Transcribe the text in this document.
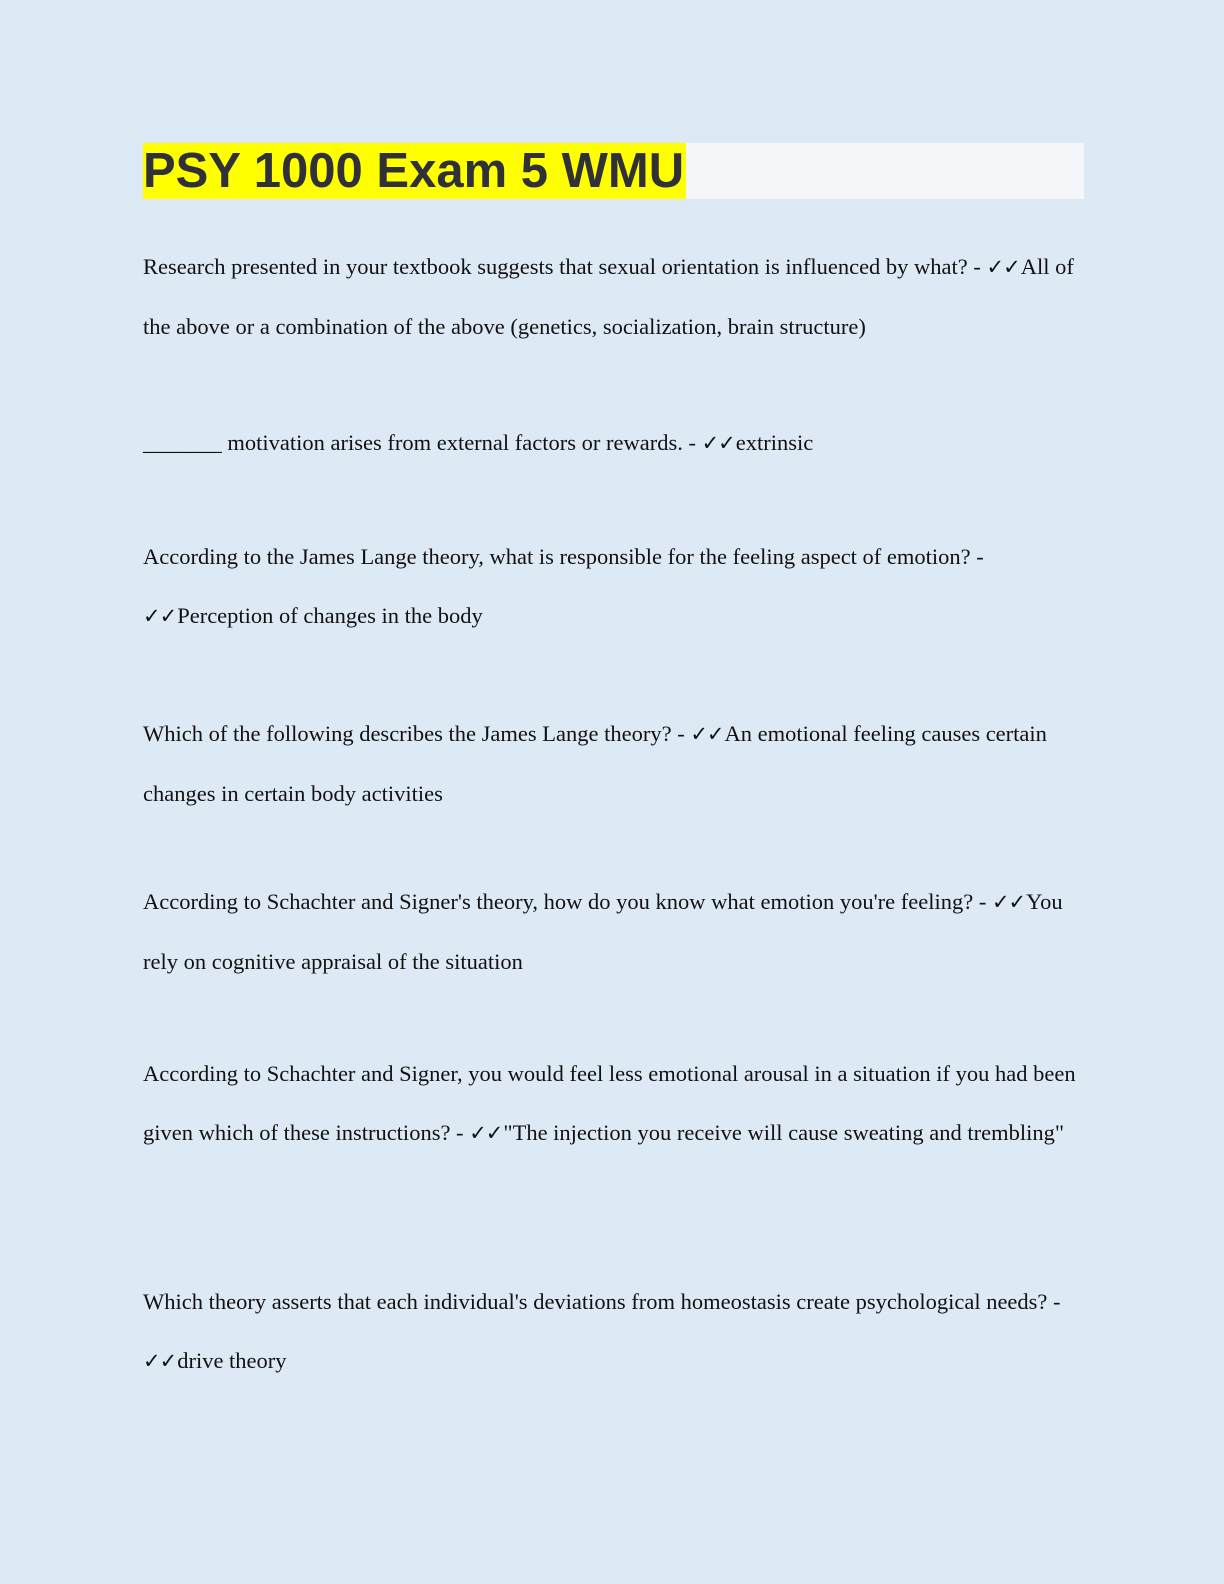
PSY 1000 Exam 5 WMU

Research presented in your textbook suggests that sexual orientation is influenced by what? - ✓✓All of the above or a combination of the above (genetics, socialization, brain structure)

_______ motivation arises from external factors or rewards. - ✓✓extrinsic

According to the James Lange theory, what is responsible for the feeling aspect of emotion? - ✓✓Perception of changes in the body

Which of the following describes the James Lange theory? - ✓✓An emotional feeling causes certain changes in certain body activities

According to Schachter and Signer's theory, how do you know what emotion you're feeling? - ✓✓You rely on cognitive appraisal of the situation

According to Schachter and Signer, you would feel less emotional arousal in a situation if you had been given which of these instructions? - ✓✓"The injection you receive will cause sweating and trembling"

Which theory asserts that each individual's deviations from homeostasis create psychological needs? - ✓✓drive theory
